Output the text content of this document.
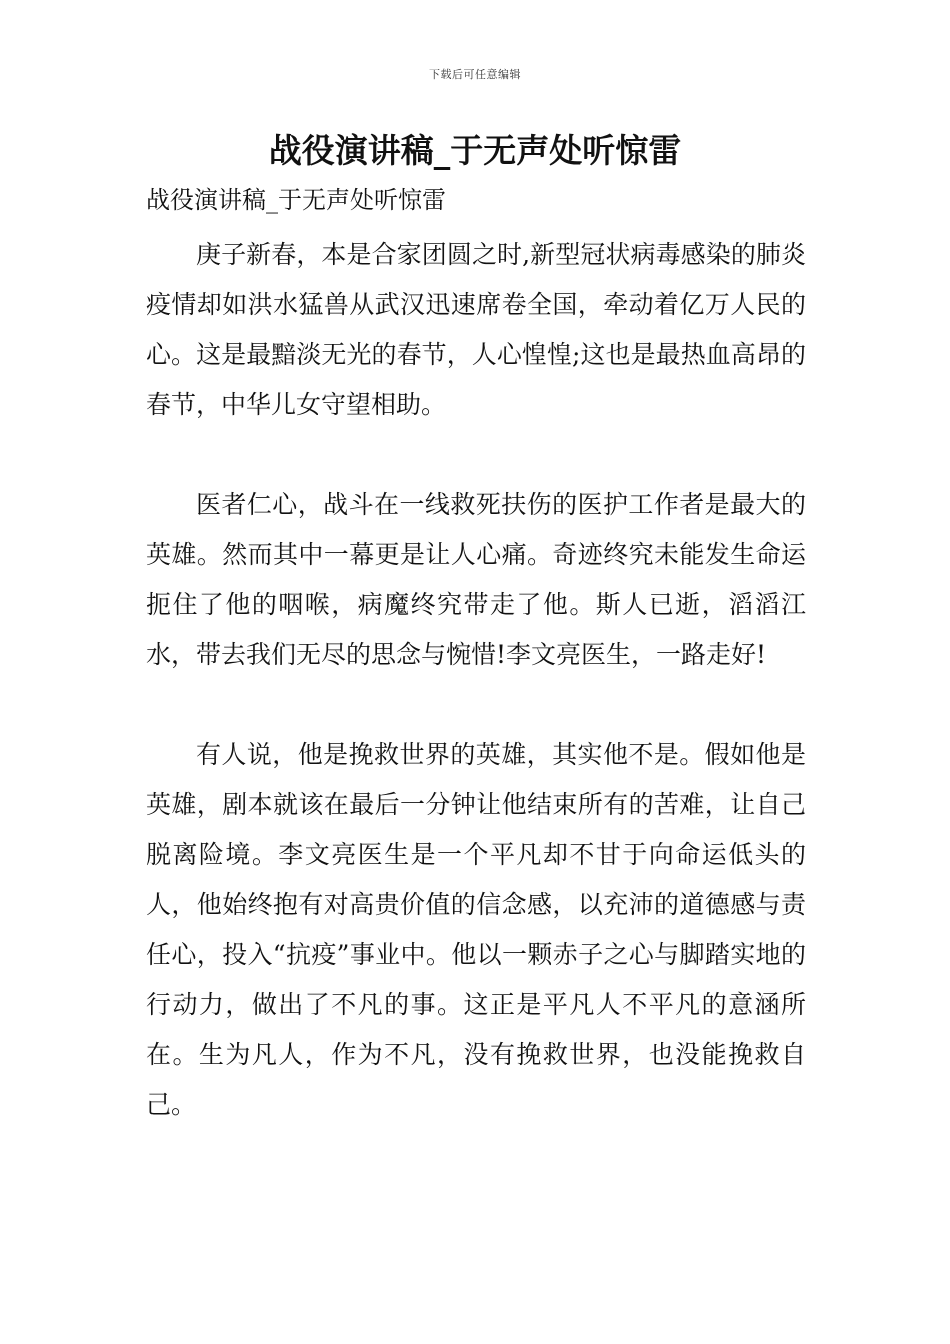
下载后可任意编辑
战役演讲稿_于无声处听惊雷

战役演讲稿_于无声处听惊雷

庚子新春，本是合家团圆之时,新型冠状病毒感染的肺炎疫情却如洪水猛兽从武汉迅速席卷全国，牵动着亿万人民的心。这是最黯淡无光的春节，人心惶惶;这也是最热血高昂的春节，中华儿女守望相助。

医者仁心，战斗在一线救死扶伤的医护工作者是最大的英雄。然而其中一幕更是让人心痛。奇迹终究未能发生命运扼住了他的咽喉，病魔终究带走了他。斯人已逝，滔滔江水，带去我们无尽的思念与惋惜!李文亮医生，一路走好!

有人说，他是挽救世界的英雄，其实他不是。假如他是英雄，剧本就该在最后一分钟让他结束所有的苦难，让自己脱离险境。李文亮医生是一个平凡却不甘于向命运低头的人，他始终抱有对高贵价值的信念感，以充沛的道德感与责任心，投入“抗疫”事业中。他以一颗赤子之心与脚踏实地的行动力，做出了不凡的事。这正是平凡人不平凡的意涵所在。生为凡人，作为不凡，没有挽救世界，也没能挽救自己。
